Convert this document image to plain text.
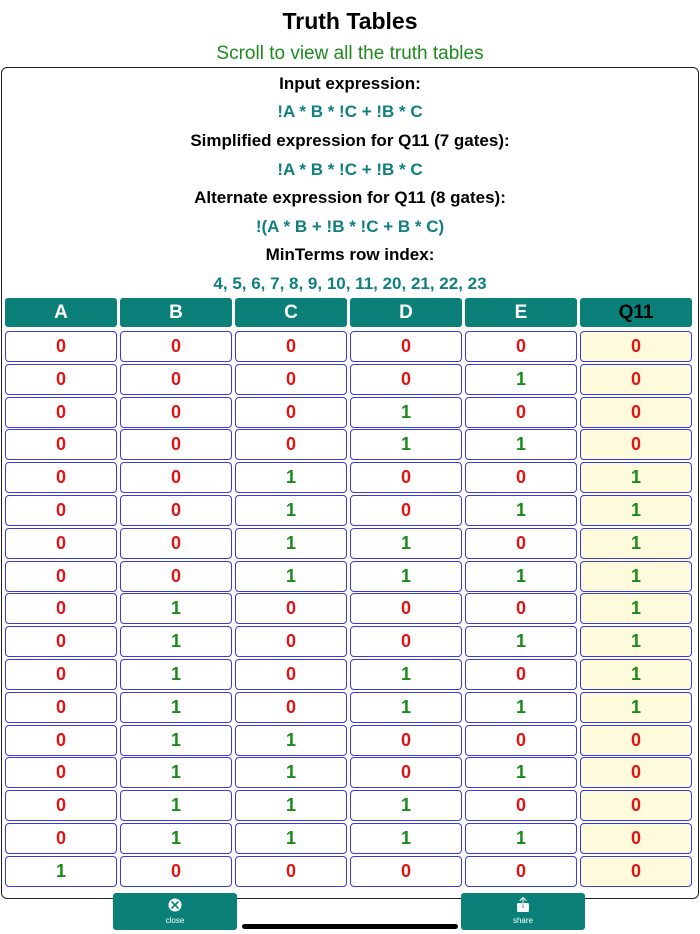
Truth Tables
Scroll to view all the truth tables
Input expression:
!A * B * !C + !B * C
Simplified expression for Q11 (7 gates):
!A * B * !C + !B * C
Alternate expression for Q11 (8 gates):
!(A * B + !B * !C + B * C)
MinTerms row index:
4, 5, 6, 7, 8, 9, 10, 11, 20, 21, 22, 23
A	B	C	D	E	Q11
0	0	0	0	0	0
0	0	0	0	1	0
0	0	0	1	0	0
0	0	0	1	1	0
0	0	1	0	0	1
0	0	1	0	1	1
0	0	1	1	0	1
0	0	1	1	1	1
0	1	0	0	0	1
0	1	0	0	1	1
0	1	0	1	0	1
0	1	0	1	1	1
0	1	1	0	0	0
0	1	1	0	1	0
0	1	1	1	0	0
0	1	1	1	1	0
1	0	0	0	0	0
close	share
